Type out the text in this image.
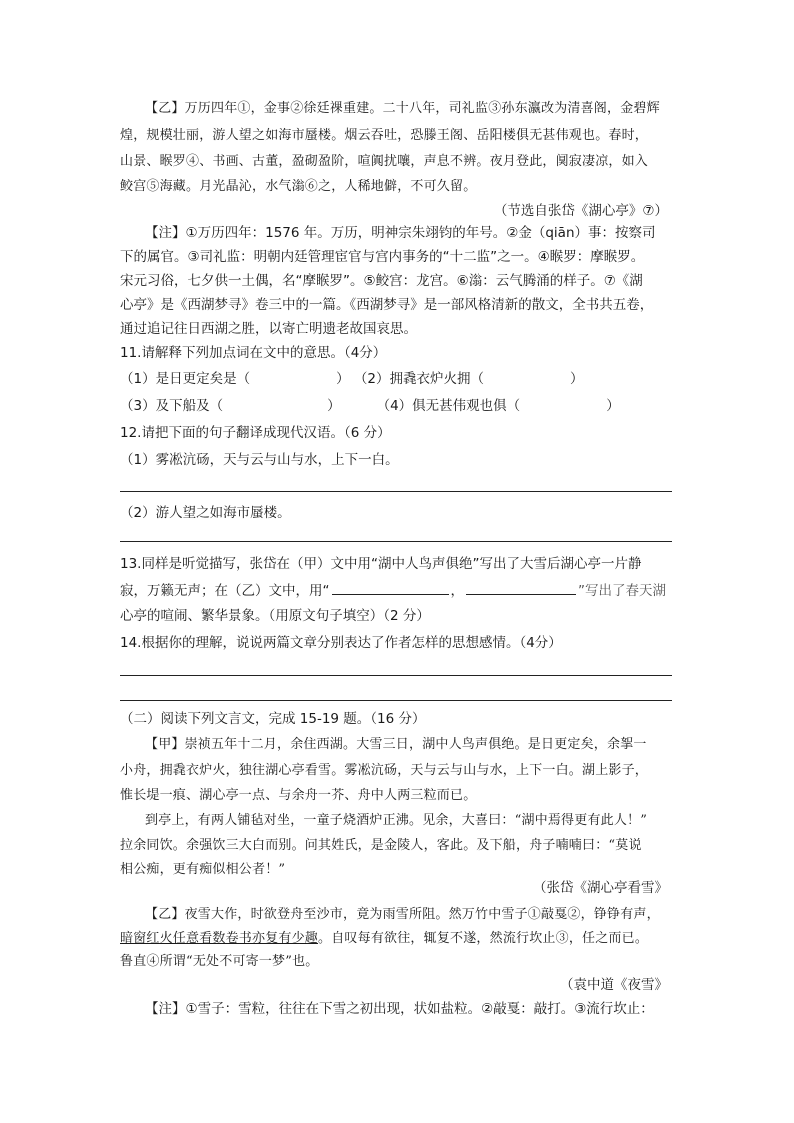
【乙】万历四年①，金事②徐廷祼重建。二十八年，司礼监③孙东瀛改为清喜阁，金碧辉
煌，规模壮丽，游人望之如海市蜃楼。烟云吞吐，恐滕王阁、岳阳楼俱无甚伟观也。春时，
山景、睺罗④、书画、古董，盈砌盈阶，喧阗扰嚷，声息不辨。夜月登此，阒寂凄凉，如入
鲛宫⑤海藏。月光晶沁，水气滃⑥之，人稀地僻，不可久留。
（节选自张岱《湖心亭》⑦）
【注】①万历四年：1576 年。万历，明神宗朱翊钧的年号。②金（qiān）事：按察司
下的属官。③司礼监：明朝内廷管理宦官与宫内事务的“十二监”之一。④睺罗：摩睺罗。
宋元习俗，七夕供一土偶，名“摩睺罗”。⑤鲛宫：龙宫。⑥滃：云气腾涌的样子。⑦《湖
心亭》是《西湖梦寻》卷三中的一篇。《西湖梦寻》是一部风格清新的散文，全书共五卷，
通过追记往日西湖之胜，以寄亡明遗老故国哀思。
11.请解释下列加点词在文中的意思。（4分）
（1）是日更定矣是（	） （2）拥毳衣炉火拥（	）
（3）及下船及（	）	（4）俱无甚伟观也俱（	）
12.请把下面的句子翻译成现代汉语。（6 分）
（1）雾凇沆砀，天与云与山与水，上下一白。
（2）游人望之如海市蜃楼。
13.同样是听觉描写，张岱在（甲）文中用“湖中人鸟声俱绝”写出了大雪后湖心亭一片静
寂，万籁无声；在（乙）文中，用“	，	”写出了春天湖
心亭的喧闹、繁华景象。（用原文句子填空）（2 分）
14.根据你的理解，说说两篇文章分别表达了作者怎样的思想感情。（4分）
（二）阅读下列文言文，完成 15-19 题。（16 分）
【甲】崇祯五年十二月，余住西湖。大雪三日，湖中人鸟声俱绝。是日更定矣，余挐一
小舟，拥毳衣炉火，独往湖心亭看雪。雾凇沆砀，天与云与山与水，上下一白。湖上影子，
惟长堤一痕、湖心亭一点、与余舟一芥、舟中人两三粒而已。
到亭上，有两人铺毡对坐，一童子烧酒炉正沸。见余，大喜曰：“湖中焉得更有此人！”
拉余同饮。余强饮三大白而别。问其姓氏，是金陵人，客此。及下船，舟子喃喃曰：“莫说
相公痴，更有痴似相公者！”
（张岱《湖心亭看雪》
【乙】夜雪大作，时欲登舟至沙市，竟为雨雪所阻。然万竹中雪子①敲戛②，铮铮有声，
暗窗红火任意看数卷书亦复有少趣。自叹每有欲往，辄复不遂，然流行坎止③，任之而已。
鲁直④所谓“无处不可寄一梦”也。
（袁中道《夜雪》
【注】①雪子：雪粒，往往在下雪之初出现，状如盐粒。②敲戛：敲打。③流行坎止：
